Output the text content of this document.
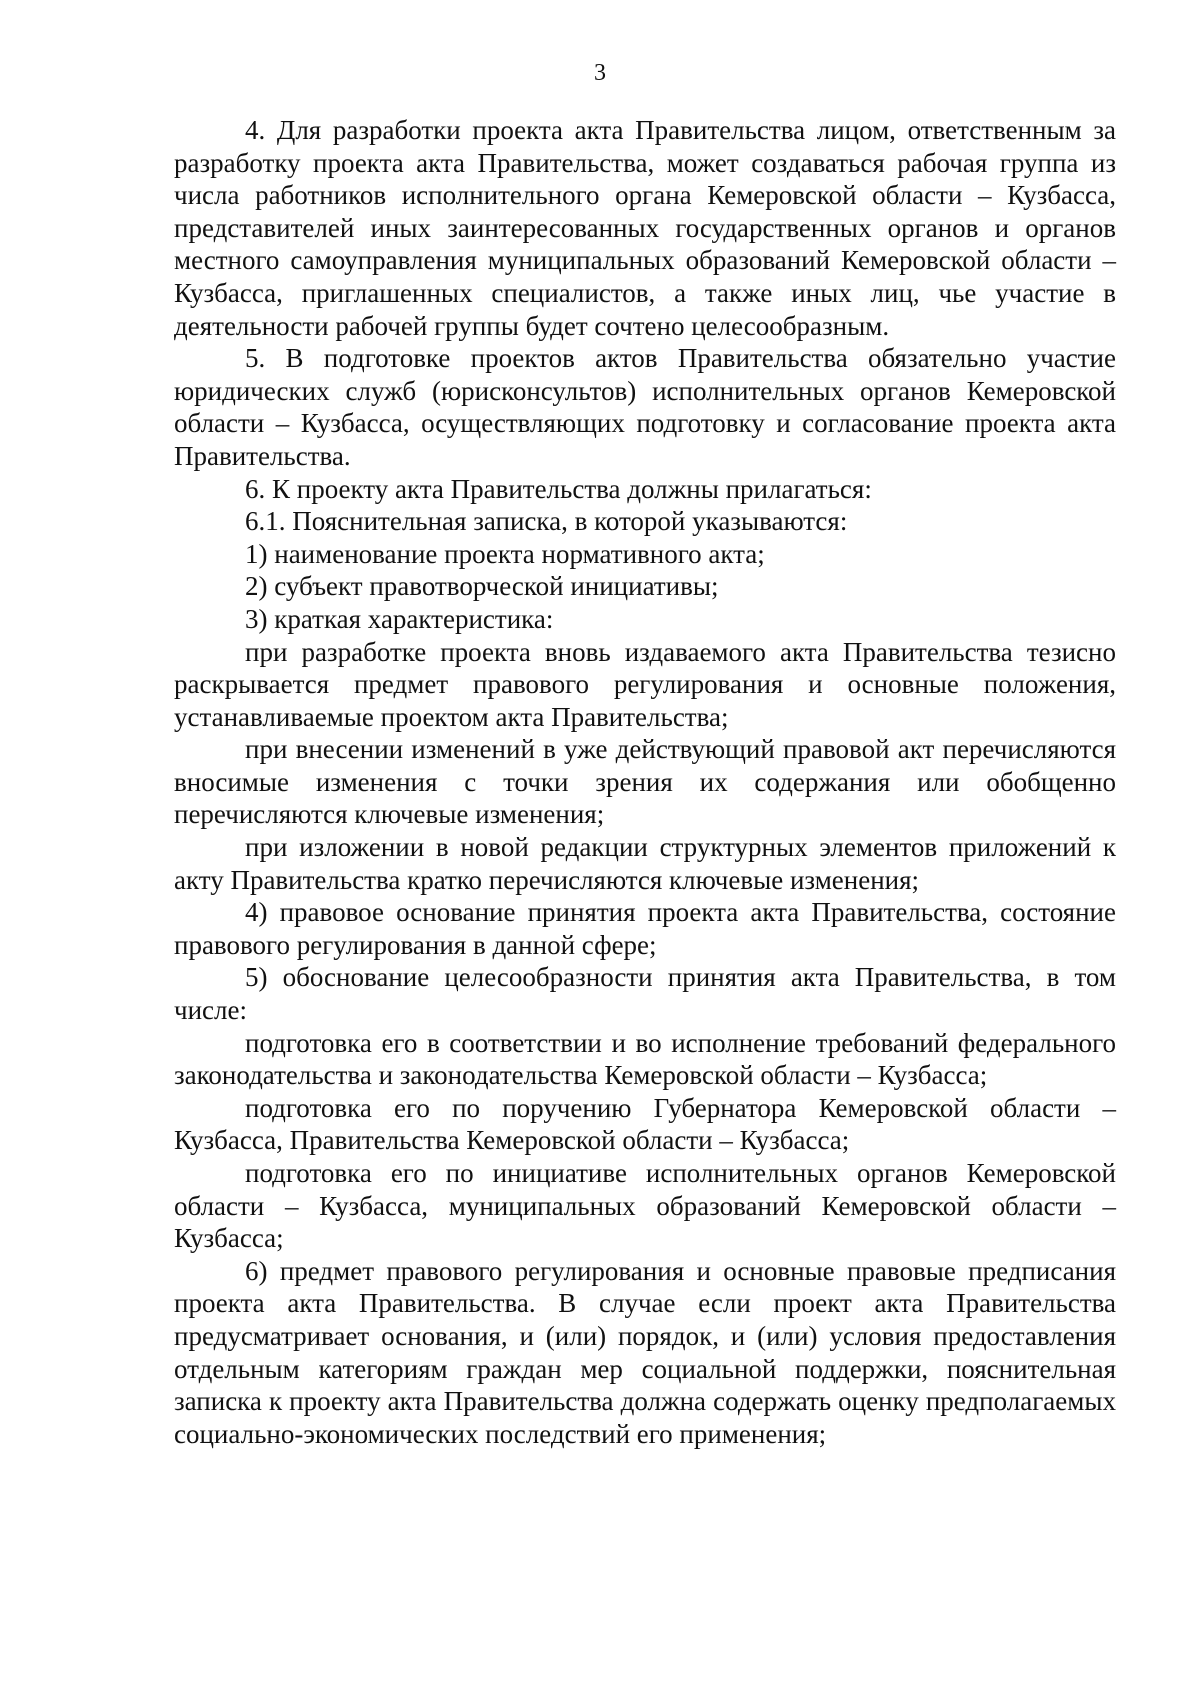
3

4. Для разработки проекта акта Правительства лицом, ответственным за разработку проекта акта Правительства, может создаваться рабочая группа из числа работников исполнительного органа Кемеровской области – Кузбасса, представителей иных заинтересованных государственных органов и органов местного самоуправления муниципальных образований Кемеровской области – Кузбасса, приглашенных специалистов, а также иных лиц, чье участие в деятельности рабочей группы будет сочтено целесообразным.

5. В подготовке проектов актов Правительства обязательно участие юридических служб (юрисконсультов) исполнительных органов Кемеровской области – Кузбасса, осуществляющих подготовку и согласование проекта акта Правительства.

6. К проекту акта Правительства должны прилагаться:

6.1. Пояснительная записка, в которой указываются:

1) наименование проекта нормативного акта;

2) субъект правотворческой инициативы;

3) краткая характеристика:

при разработке проекта вновь издаваемого акта Правительства тезисно раскрывается предмет правового регулирования и основные положения, устанавливаемые проектом акта Правительства;

при внесении изменений в уже действующий правовой акт перечисляются вносимые изменения с точки зрения их содержания или обобщенно перечисляются ключевые изменения;

при изложении в новой редакции структурных элементов приложений к акту Правительства кратко перечисляются ключевые изменения;

4) правовое основание принятия проекта акта Правительства, состояние правового регулирования в данной сфере;

5) обоснование целесообразности принятия акта Правительства, в том числе:

подготовка его в соответствии и во исполнение требований федерального законодательства и законодательства Кемеровской области – Кузбасса;

подготовка его по поручению Губернатора Кемеровской области – Кузбасса, Правительства Кемеровской области – Кузбасса;

подготовка его по инициативе исполнительных органов Кемеровской области – Кузбасса, муниципальных образований Кемеровской области – Кузбасса;

6) предмет правового регулирования и основные правовые предписания проекта акта Правительства. В случае если проект акта Правительства предусматривает основания, и (или) порядок, и (или) условия предоставления отдельным категориям граждан мер социальной поддержки, пояснительная записка к проекту акта Правительства должна содержать оценку предполагаемых социально-экономических последствий его применения;
